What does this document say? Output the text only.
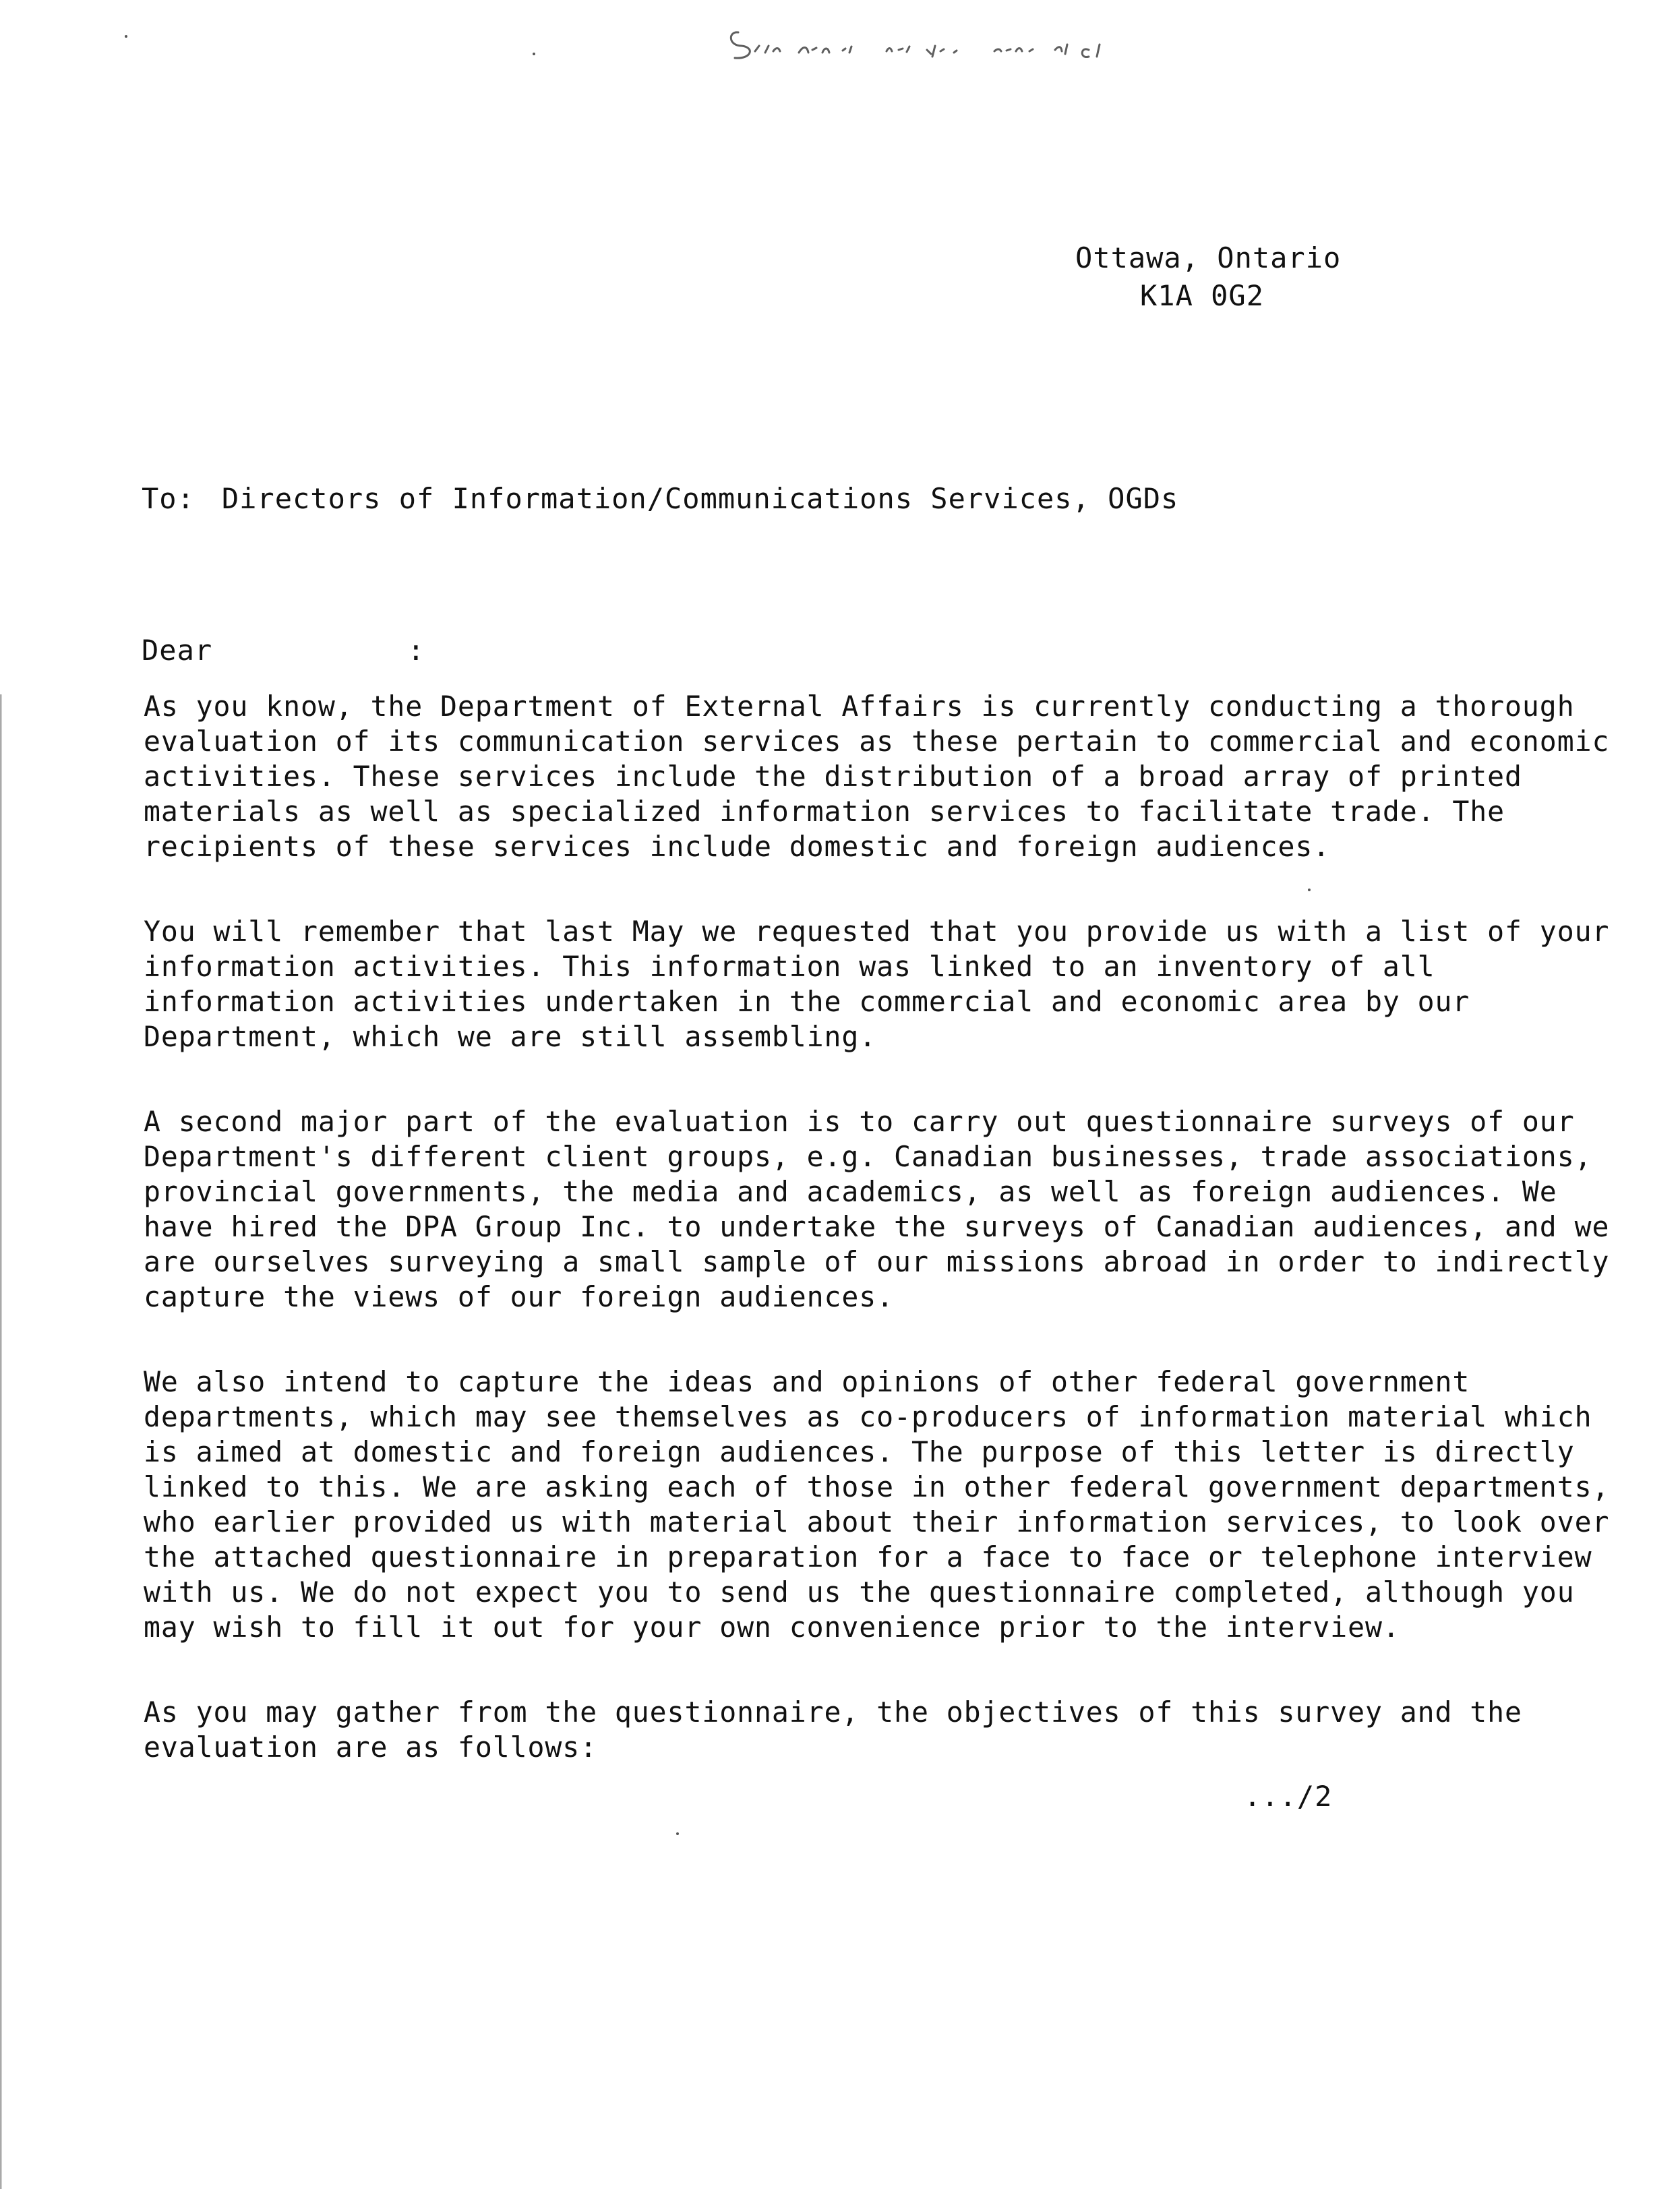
Ottawa, Ontario
K1A 0G2
To: Directors of Information/Communications Services, OGDs
Dear           :

As you know, the Department of External Affairs is currently conducting a thorough
evaluation of its communication services as these pertain to commercial and economic
activities. These services include the distribution of a broad array of printed
materials as well as specialized information services to facilitate trade. The
recipients of these services include domestic and foreign audiences.

You will remember that last May we requested that you provide us with a list of your
information activities. This information was linked to an inventory of all
information activities undertaken in the commercial and economic area by our
Department, which we are still assembling.

A second major part of the evaluation is to carry out questionnaire surveys of our
Department's different client groups, e.g. Canadian businesses, trade associations,
provincial governments, the media and academics, as well as foreign audiences. We
have hired the DPA Group Inc. to undertake the surveys of Canadian audiences, and we
are ourselves surveying a small sample of our missions abroad in order to indirectly
capture the views of our foreign audiences.

We also intend to capture the ideas and opinions of other federal government
departments, which may see themselves as co-producers of information material which
is aimed at domestic and foreign audiences. The purpose of this letter is directly
linked to this. We are asking each of those in other federal government departments,
who earlier provided us with material about their information services, to look over
the attached questionnaire in preparation for a face to face or telephone interview
with us. We do not expect you to send us the questionnaire completed, although you
may wish to fill it out for your own convenience prior to the interview.

As you may gather from the questionnaire, the objectives of this survey and the
evaluation are as follows:

.../2
